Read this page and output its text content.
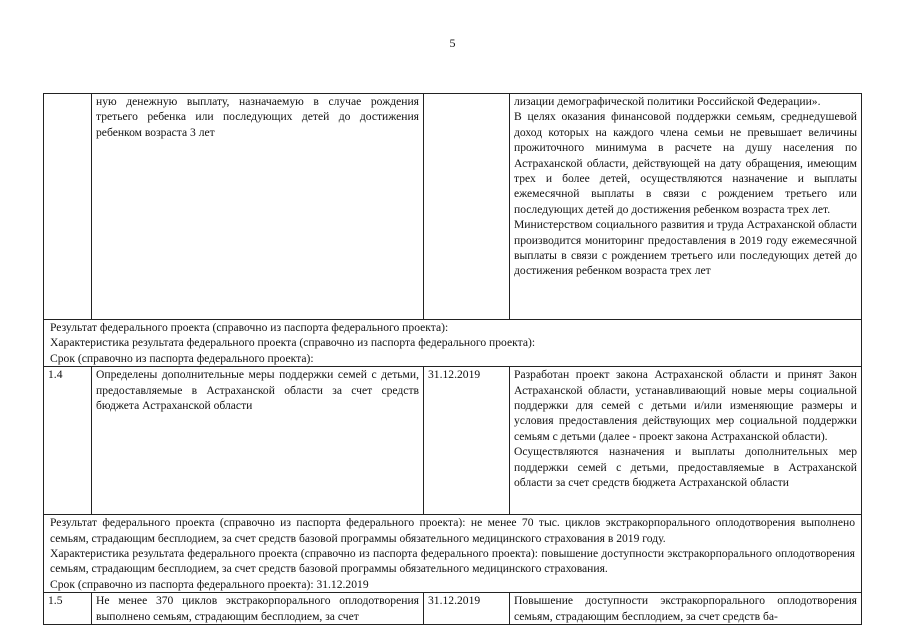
5
	ную денежную выплату, назначаемую в случае рождения третьего ребенка или последующих детей до достижения ребенком возраста 3 лет		лизации демографической политики Российской Федерации».

В целях оказания финансовой поддержки семьям, среднедушевой доход которых на каждого члена семьи не превышает величины прожиточного минимума в расчете на душу населения по Астраханской области, действующей на дату обращения, имеющим трех и более детей, осуществляются назначение и выплаты ежемесячной выплаты в связи с рождением третьего или последующих детей до достижения ребенком возраста трех лет.

Министерством социального развития и труда Астраханской области производится мониторинг предоставления в 2019 году ежемесячной выплаты в связи с рождением третьего или последующих детей до достижения ребенком возраста трех лет

Результат федерального проекта (справочно из паспорта федерального проекта):

Характеристика результата федерального проекта (справочно из паспорта федерального проекта):

Срок (справочно из паспорта федерального проекта):			

1.4	Определены дополнительные меры поддержки семей с детьми, предоставляемые в Астраханской области за счет средств бюджета Астраханской области	31.12.2019	Разработан проект закона Астраханской области и принят Закон Астраханской области, устанавливающий новые меры социальной поддержки для семей с детьми и/или изменяющие размеры и условия предоставления действующих мер социальной поддержки семьям с детьми (далее - проект закона Астраханской области).

Осуществляются назначения и выплаты дополнительных мер поддержки семей с детьми, предоставляемые в Астраханской области за счет средств бюджета Астраханской области

Результат федерального проекта (справочно из паспорта федерального проекта): не менее 70 тыс. циклов экстракорпорального оплодотворения выполнено семьям, страдающим бесплодием, за счет средств базовой программы обязательного медицинского страхования в 2019 году.

Характеристика результата федерального проекта (справочно из паспорта федерального проекта): повышение доступности экстракорпорального оплодотворения семьям, страдающим бесплодием, за счет средств базовой программы обязательного медицинского страхования.

Срок (справочно из паспорта федерального проекта): 31.12.2019			

1.5	Не менее 370 циклов экстракорпорального оплодотворения выполнено семьям, страдающим бесплодием, за счет	31.12.2019	Повышение доступности экстракорпорального оплодотворения семьям, страдающим бесплодием, за счет средств ба-
